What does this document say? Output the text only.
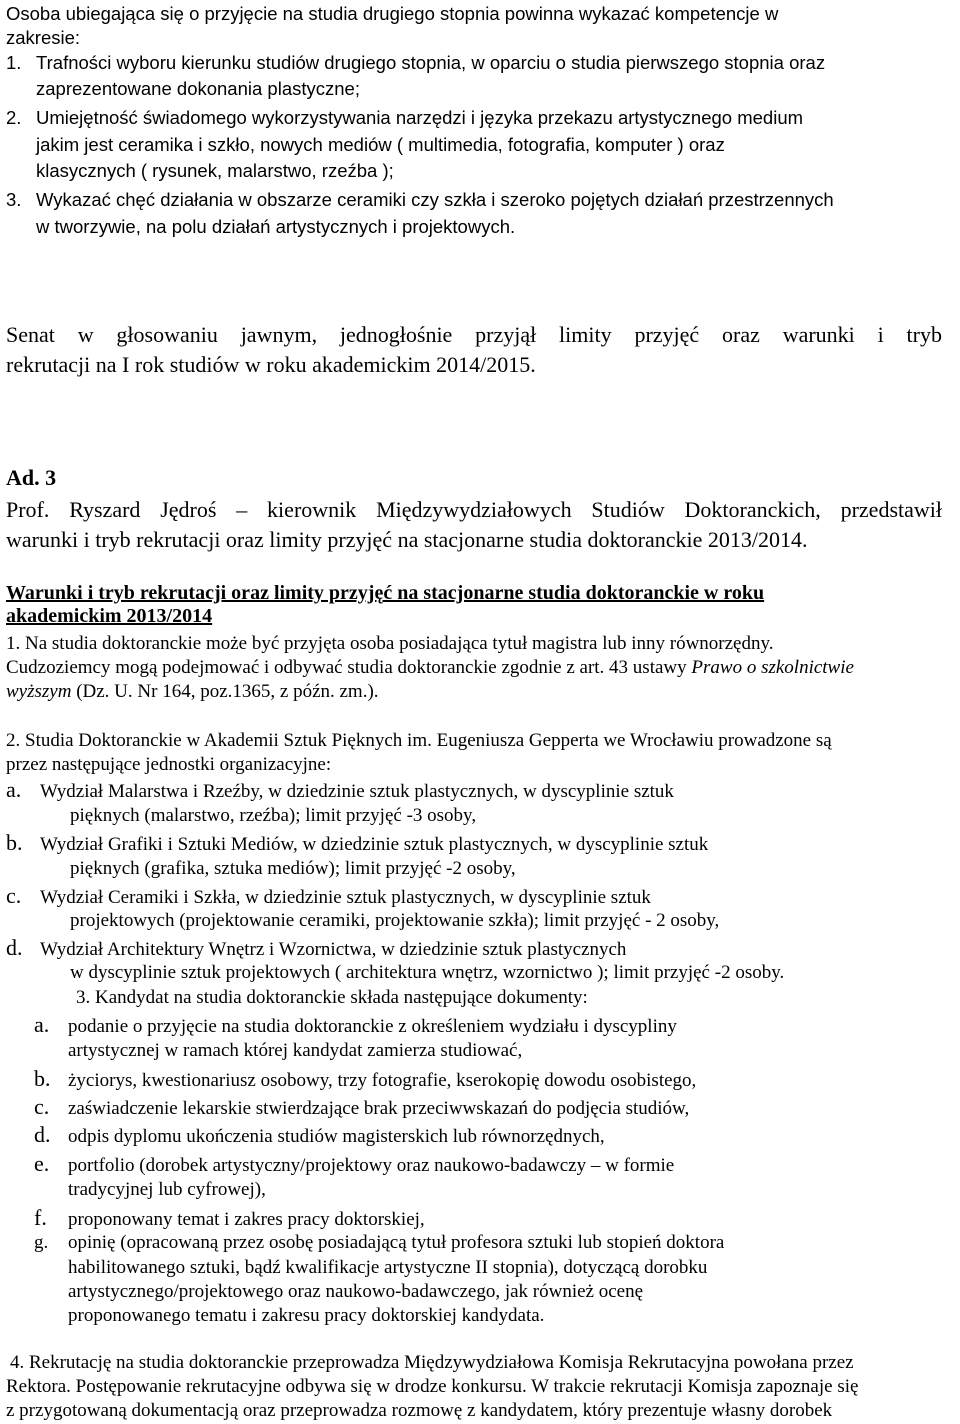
Osoba ubiegająca się o przyjęcie na studia drugiego stopnia powinna wykazać kompetencje w

zakresie:

1. Trafności wyboru kierunku studiów drugiego stopnia, w oparciu o studia pierwszego stopnia oraz

zaprezentowane dokonania plastyczne;

2. Umiejętność świadomego wykorzystywania narzędzi i języka przekazu artystycznego medium

jakim jest ceramika i szkło, nowych mediów ( multimedia, fotografia, komputer ) oraz

klasycznych ( rysunek, malarstwo, rzeźba );

3. Wykazać chęć działania w obszarze ceramiki czy szkła i szeroko pojętych działań przestrzennych

w tworzywie, na polu działań artystycznych i projektowych.

Senat w głosowaniu jawnym, jednogłośnie przyjął limity przyjęć oraz warunki i tryb

rekrutacji na I rok studiów w roku akademickim 2014/2015.

Ad. 3

Prof. Ryszard Jędroś – kierownik Międzywydziałowych Studiów Doktoranckich, przedstawił

warunki i tryb rekrutacji oraz limity przyjęć na stacjonarne studia doktoranckie 2013/2014.

Warunki i tryb rekrutacji oraz limity przyjęć na stacjonarne studia doktoranckie w roku

akademickim 2013/2014

1. Na studia doktoranckie może być przyjęta osoba posiadająca tytuł magistra lub inny równorzędny.

Cudzoziemcy mogą podejmować i odbywać studia doktoranckie zgodnie z art. 43 ustawy Prawo o szkolnictwie

wyższym (Dz. U. Nr 164, poz.1365, z późn. zm.).

2. Studia Doktoranckie w Akademii Sztuk Pięknych im. Eugeniusza Gepperta we Wrocławiu prowadzone są

przez następujące jednostki organizacyjne:

a. Wydział Malarstwa i Rzeźby, w dziedzinie sztuk plastycznych, w dyscyplinie sztuk

pięknych (malarstwo, rzeźba); limit przyjęć -3 osoby,

b. Wydział Grafiki i Sztuki Mediów, w dziedzinie sztuk plastycznych, w dyscyplinie sztuk

pięknych (grafika, sztuka mediów); limit przyjęć -2 osoby,

c. Wydział Ceramiki i Szkła, w dziedzinie sztuk plastycznych, w dyscyplinie sztuk

projektowych (projektowanie ceramiki, projektowanie szkła); limit przyjęć - 2 osoby,

d. Wydział Architektury Wnętrz i Wzornictwa, w dziedzinie sztuk plastycznych

w dyscyplinie sztuk projektowych ( architektura wnętrz, wzornictwo ); limit przyjęć -2 osoby.

3. Kandydat na studia doktoranckie składa następujące dokumenty:

a. podanie o przyjęcie na studia doktoranckie z określeniem wydziału i dyscypliny

artystycznej w ramach której kandydat zamierza studiować,

b. życiorys, kwestionariusz osobowy, trzy fotografie, kserokopię dowodu osobistego,
c. zaświadczenie lekarskie stwierdzające brak przeciwwskazań do podjęcia studiów,
d. odpis dyplomu ukończenia studiów magisterskich lub równorzędnych,
e. portfolio (dorobek artystyczny/projektowy oraz naukowo-badawczy – w formie

tradycyjnej lub cyfrowej),

f. proponowany temat i zakres pracy doktorskiej,
g. opinię (opracowaną przez osobę posiadającą tytuł profesora sztuki lub stopień doktora

habilitowanego sztuki, bądź kwalifikacje artystyczne II stopnia), dotyczącą dorobku

artystycznego/projektowego oraz naukowo-badawczego, jak również ocenę

proponowanego tematu i zakresu pracy doktorskiej kandydata.

4. Rekrutację na studia doktoranckie przeprowadza Międzywydziałowa Komisja Rekrutacyjna powołana przez

Rektora. Postępowanie rekrutacyjne odbywa się w drodze konkursu. W trakcie rekrutacji Komisja zapoznaje się

z przygotowaną dokumentacją oraz przeprowadza rozmowę z kandydatem, który prezentuje własny dorobek
